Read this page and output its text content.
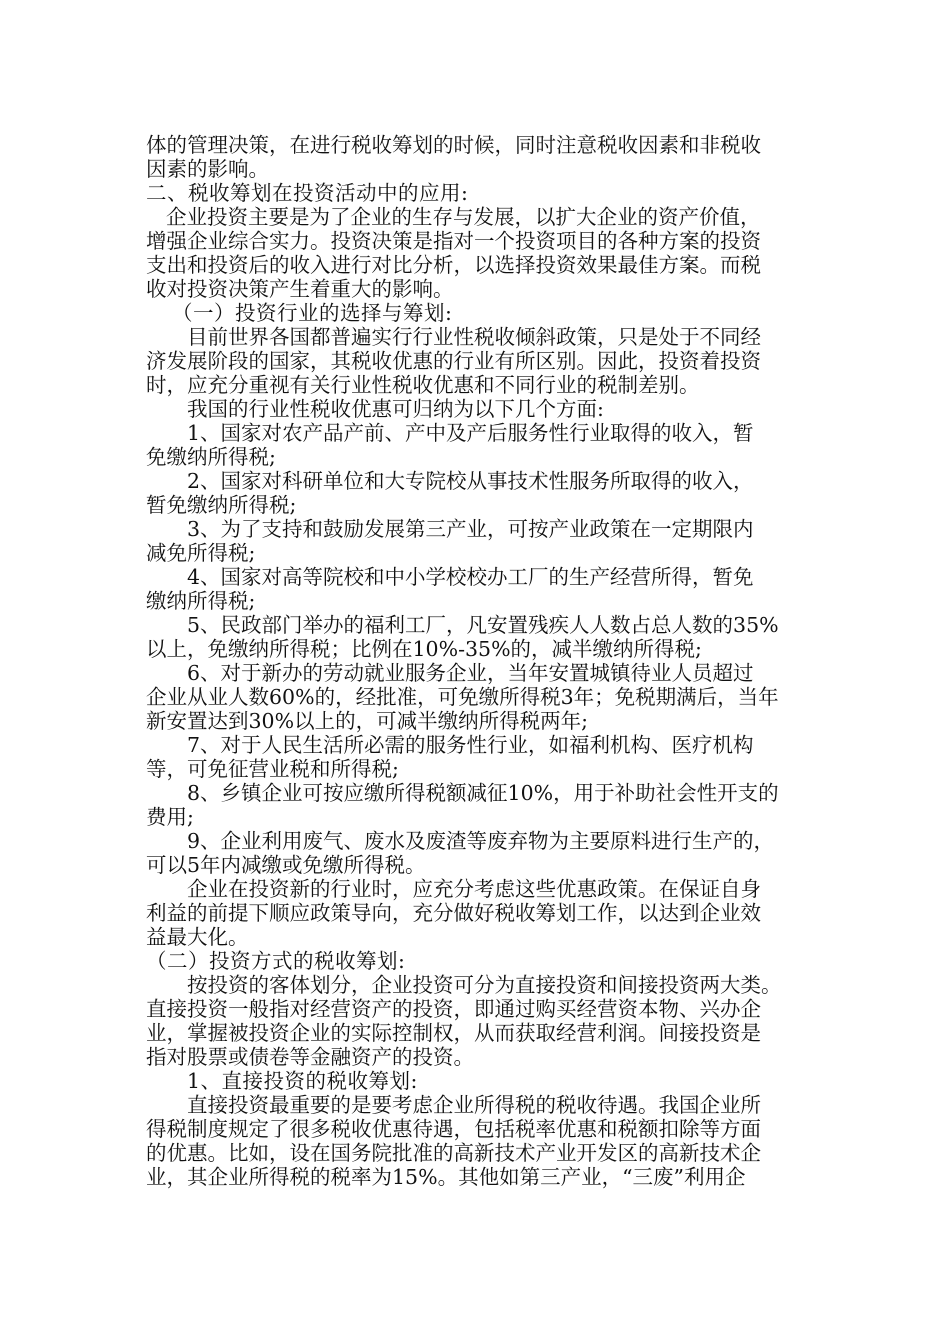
体的管理决策，在进行税收筹划的时候，同时注意税收因素和非税收
因素的影响。
二、税收筹划在投资活动中的应用:
企业投资主要是为了企业的生存与发展，以扩大企业的资产价值，
增强企业综合实力。投资决策是指对一个投资项目的各种方案的投资
支出和投资后的收入进行对比分析，以选择投资效果最佳方案。而税
收对投资决策产生着重大的影响。
（一）投资行业的选择与筹划:
目前世界各国都普遍实行行业性税收倾斜政策，只是处于不同经
济发展阶段的国家，其税收优惠的行业有所区别。因此，投资着投资
时，应充分重视有关行业性税收优惠和不同行业的税制差别。
我国的行业性税收优惠可归纳为以下几个方面:
1、国家对农产品产前、产中及产后服务性行业取得的收入，暂
免缴纳所得税;
2、国家对科研单位和大专院校从事技术性服务所取得的收入，
暂免缴纳所得税;
3、为了支持和鼓励发展第三产业，可按产业政策在一定期限内
减免所得税;
4、国家对高等院校和中小学校校办工厂的生产经营所得，暂免
缴纳所得税;
5、民政部门举办的福利工厂，凡安置残疾人人数占总人数的35%
以上，免缴纳所得税；比例在10%-35%的，减半缴纳所得税;
6、对于新办的劳动就业服务企业，当年安置城镇待业人员超过
企业从业人数60%的，经批准，可免缴所得税3年；免税期满后，当年
新安置达到30%以上的，可减半缴纳所得税两年;
7、对于人民生活所必需的服务性行业，如福利机构、医疗机构
等，可免征营业税和所得税;
8、乡镇企业可按应缴所得税额减征10%，用于补助社会性开支的
费用;
9、企业利用废气、废水及废渣等废弃物为主要原料进行生产的，
可以5年内减缴或免缴所得税。
企业在投资新的行业时，应充分考虑这些优惠政策。在保证自身
利益的前提下顺应政策导向，充分做好税收筹划工作，以达到企业效
益最大化。
（二）投资方式的税收筹划:
按投资的客体划分，企业投资可分为直接投资和间接投资两大类。
直接投资一般指对经营资产的投资，即通过购买经营资本物、兴办企
业，掌握被投资企业的实际控制权，从而获取经营利润。间接投资是
指对股票或债卷等金融资产的投资。
1、直接投资的税收筹划:
直接投资最重要的是要考虑企业所得税的税收待遇。我国企业所
得税制度规定了很多税收优惠待遇，包括税率优惠和税额扣除等方面
的优惠。比如，设在国务院批准的高新技术产业开发区的高新技术企
业，其企业所得税的税率为15%。其他如第三产业，“三废”利用企
